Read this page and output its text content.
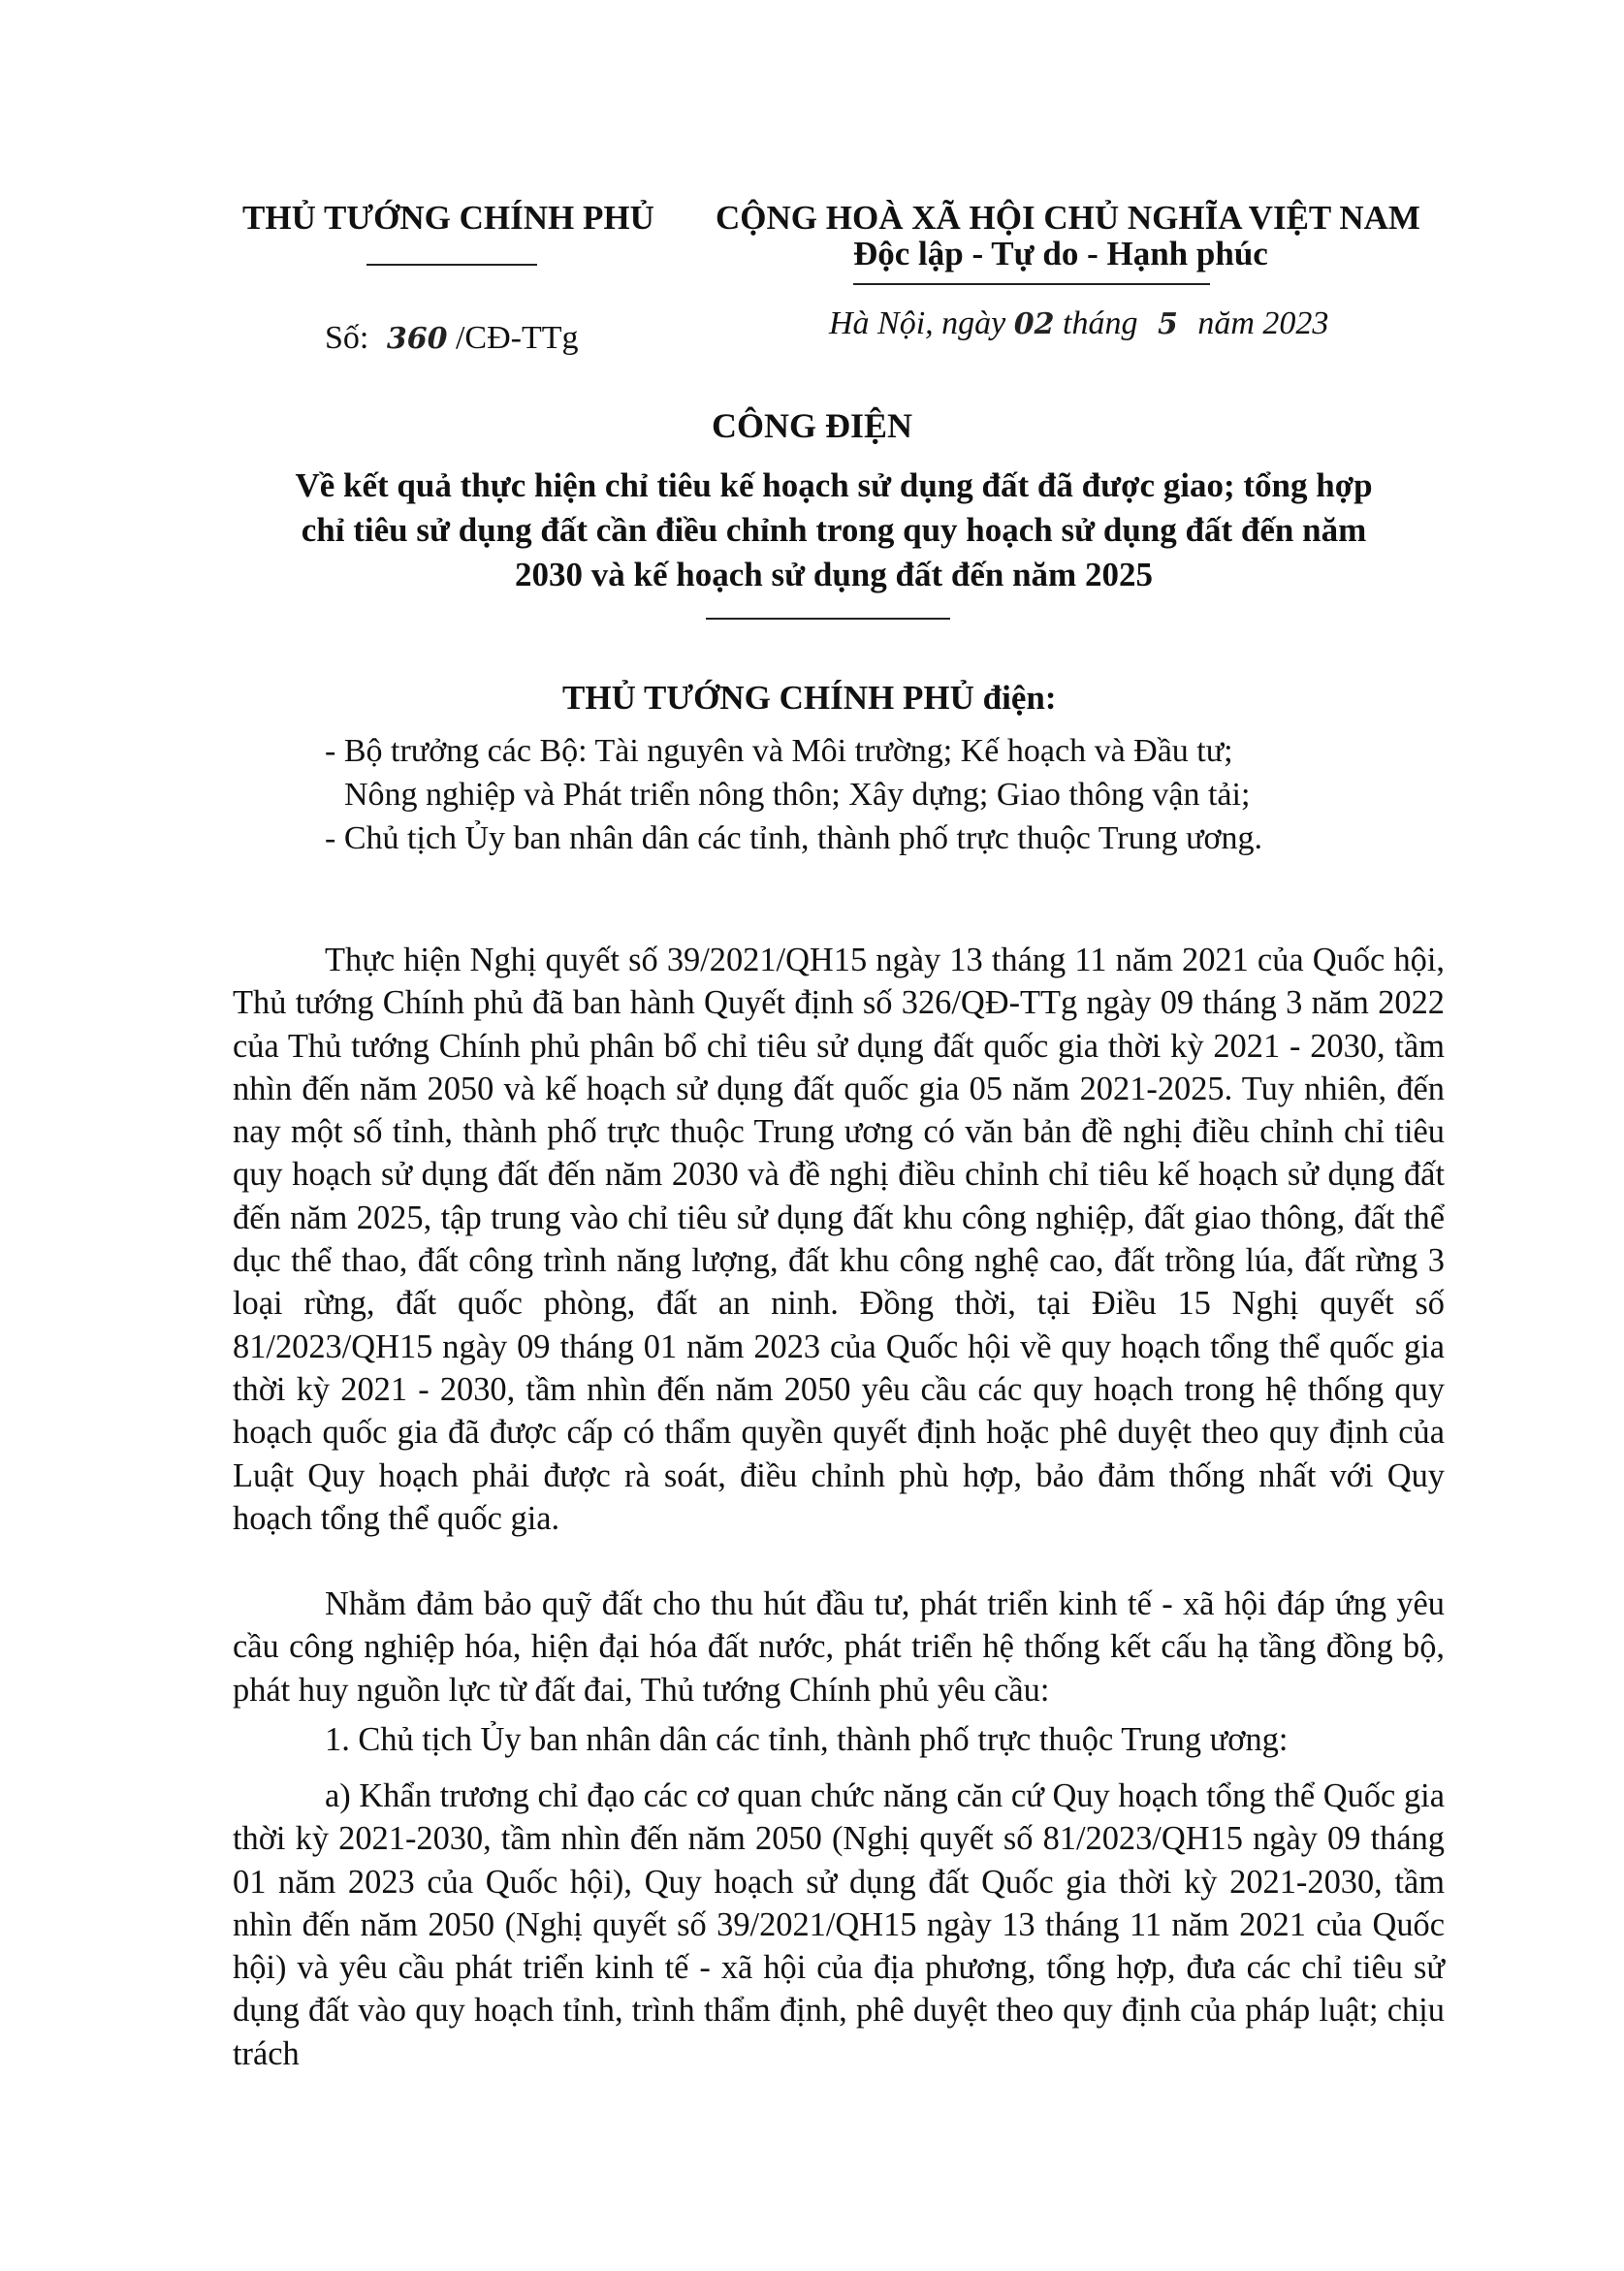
THỦ TƯỚNG CHÍNH PHỦ CỘNG HOÀ XÃ HỘI CHỦ NGHĨA VIỆT NAM
Độc lập - Tự do - Hạnh phúc
Số: 360 /CĐ-TTg	Hà Nội, ngày 02 tháng 5 năm 2023
CÔNG ĐIỆN
Về kết quả thực hiện chỉ tiêu kế hoạch sử dụng đất đã được giao; tổng hợp
chỉ tiêu sử dụng đất cần điều chỉnh trong quy hoạch sử dụng đất đến năm
2030 và kế hoạch sử dụng đất đến năm 2025
THỦ TƯỚNG CHÍNH PHỦ điện:
- Bộ trưởng các Bộ: Tài nguyên và Môi trường; Kế hoạch và Đầu tư;
Nông nghiệp và Phát triển nông thôn; Xây dựng; Giao thông vận tải;
- Chủ tịch Ủy ban nhân dân các tỉnh, thành phố trực thuộc Trung ương.
Thực hiện Nghị quyết số 39/2021/QH15 ngày 13 tháng 11 năm 2021 của Quốc hội, Thủ tướng Chính phủ đã ban hành Quyết định số 326/QĐ-TTg ngày 09 tháng 3 năm 2022 của Thủ tướng Chính phủ phân bổ chỉ tiêu sử dụng đất quốc gia thời kỳ 2021 - 2030, tầm nhìn đến năm 2050 và kế hoạch sử dụng đất quốc gia 05 năm 2021-2025. Tuy nhiên, đến nay một số tỉnh, thành phố trực thuộc Trung ương có văn bản đề nghị điều chỉnh chỉ tiêu quy hoạch sử dụng đất đến năm 2030 và đề nghị điều chỉnh chỉ tiêu kế hoạch sử dụng đất đến năm 2025, tập trung vào chỉ tiêu sử dụng đất khu công nghiệp, đất giao thông, đất thể dục thể thao, đất công trình năng lượng, đất khu công nghệ cao, đất trồng lúa, đất rừng 3 loại rừng, đất quốc phòng, đất an ninh. Đồng thời, tại Điều 15 Nghị quyết số 81/2023/QH15 ngày 09 tháng 01 năm 2023 của Quốc hội về quy hoạch tổng thể quốc gia thời kỳ 2021 - 2030, tầm nhìn đến năm 2050 yêu cầu các quy hoạch trong hệ thống quy hoạch quốc gia đã được cấp có thẩm quyền quyết định hoặc phê duyệt theo quy định của Luật Quy hoạch phải được rà soát, điều chỉnh phù hợp, bảo đảm thống nhất với Quy hoạch tổng thể quốc gia.
Nhằm đảm bảo quỹ đất cho thu hút đầu tư, phát triển kinh tế - xã hội đáp ứng yêu cầu công nghiệp hóa, hiện đại hóa đất nước, phát triển hệ thống kết cấu hạ tầng đồng bộ, phát huy nguồn lực từ đất đai, Thủ tướng Chính phủ yêu cầu:
1. Chủ tịch Ủy ban nhân dân các tỉnh, thành phố trực thuộc Trung ương:
a) Khẩn trương chỉ đạo các cơ quan chức năng căn cứ Quy hoạch tổng thể Quốc gia thời kỳ 2021-2030, tầm nhìn đến năm 2050 (Nghị quyết số 81/2023/QH15 ngày 09 tháng 01 năm 2023 của Quốc hội), Quy hoạch sử dụng đất Quốc gia thời kỳ 2021-2030, tầm nhìn đến năm 2050 (Nghị quyết số 39/2021/QH15 ngày 13 tháng 11 năm 2021 của Quốc hội) và yêu cầu phát triển kinh tế - xã hội của địa phương, tổng hợp, đưa các chỉ tiêu sử dụng đất vào quy hoạch tỉnh, trình thẩm định, phê duyệt theo quy định của pháp luật; chịu trách
